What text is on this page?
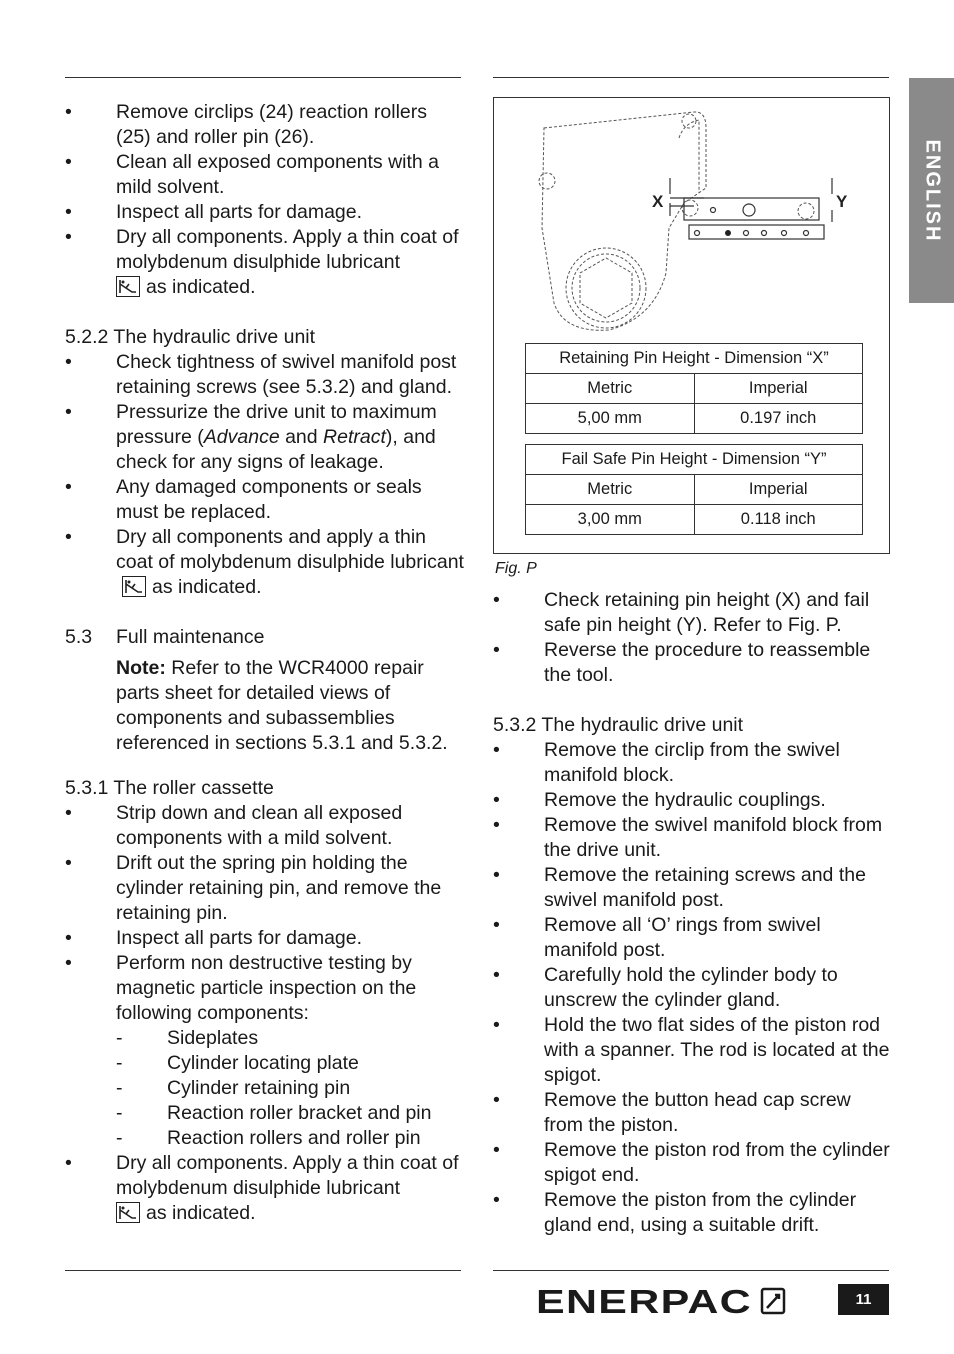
ENGLISH
• Remove circlips (24) reaction rollers (25) and roller pin (26).
• Clean all exposed components with a mild solvent.
• Inspect all parts for damage.
• Dry all components. Apply a thin coat of molybdenum disulphide lubricant

as indicated.
5.2.2 The hydraulic drive unit
• Check tightness of swivel manifold post retaining screws (see 5.3.2) and gland.
• Pressurize the drive unit to maximum pressure (Advance and Retract), and check for any signs of leakage.
• Any damaged components or seals must be replaced.
• Dry all components and apply a thin coat of molybdenum disulphide lubricant
as indicated.
5.3 Full maintenance
Note: Refer to the WCR4000 repair parts sheet for detailed views of components and subassemblies referenced in sections 5.3.1 and 5.3.2.
5.3.1 The roller cassette
• Strip down and clean all exposed components with a mild solvent.
• Drift out the spring pin holding the cylinder retaining pin, and remove the retaining pin.
• Inspect all parts for damage.
• Perform non destructive testing by magnetic particle inspection on the following components:
- Sideplates
- Cylinder locating plate
- Cylinder retaining pin
- Reaction roller bracket and pin
- Reaction rollers and roller pin
• Dry all components. Apply a thin coat of molybdenum disulphide lubricant

as indicated.
X	Y
Retaining Pin Height - Dimension “X”	
Metric	Imperial
5,00 mm	0.197 inch
Fail Safe Pin Height - Dimension “Y”	
Metric	Imperial
3,00 mm	0.118 inch
Fig. P
• Check retaining pin height (X) and fail safe pin height (Y). Refer to Fig. P.
• Reverse the procedure to reassemble the tool.
5.3.2 The hydraulic drive unit
• Remove the circlip from the swivel manifold block.
• Remove the hydraulic couplings.
• Remove the swivel manifold block from the drive unit.
• Remove the retaining screws and the swivel manifold post.
• Remove all ‘O’ rings from swivel manifold post.
• Carefully hold the cylinder body to unscrew the cylinder gland.
• Hold the two flat sides of the piston rod with a spanner. The rod is located at the spigot.
• Remove the button head cap screw from the piston.
• Remove the piston rod from the cylinder spigot end.
• Remove the piston from the cylinder gland end, using a suitable drift.
ENERPAC	11
